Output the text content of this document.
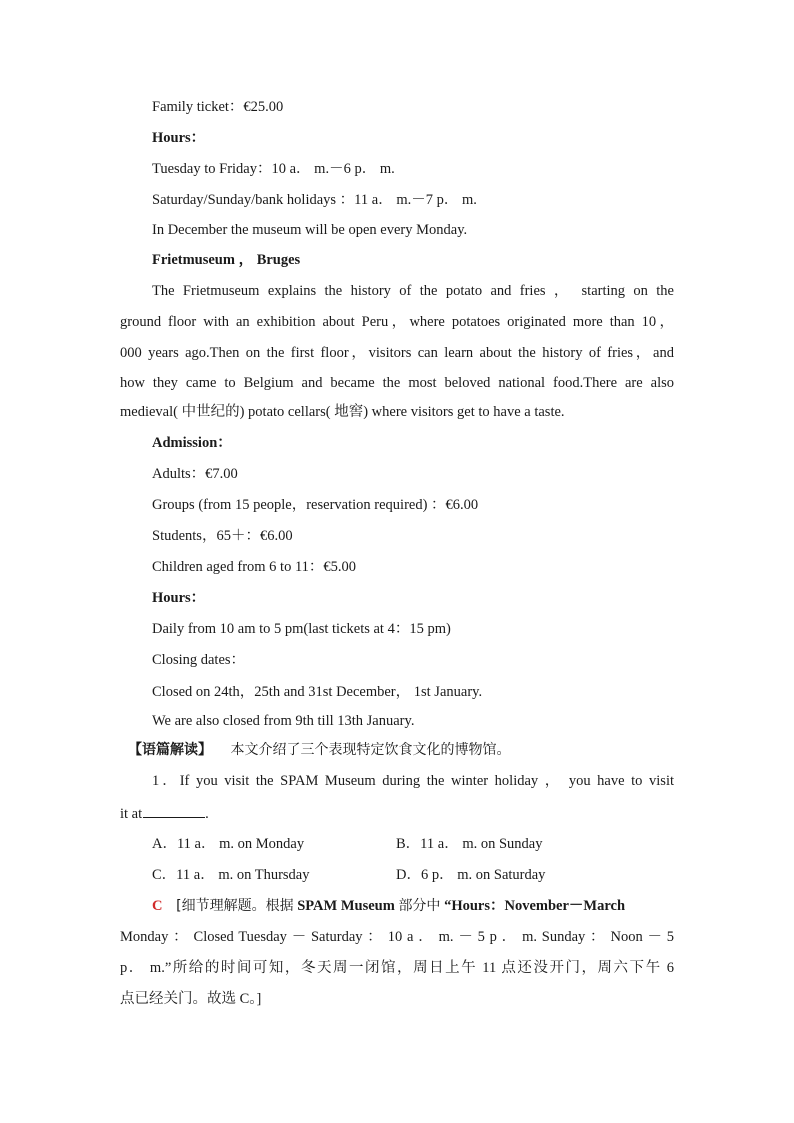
Family ticket：€25.00
Hours：
Tuesday to Friday：10 a． m.－6 p． m.
Saturday/Sunday/bank holidays ：11 a． m.－7 p． m.
In December the museum will be open every Monday.
Frietmuseum ， Bruges
The Frietmuseum explains the history of the potato and fries ， starting on the
ground floor with an exhibition about Peru，where potatoes originated more than 10，
000 years ago.Then on the first floor，visitors can learn about the history of fries，and
how they came to Belgium and became the most beloved national food.There are also
medieval( 中世纪的) potato cellars( 地窖) where visitors get to have a taste.
Admission：
Adults：€7.00
Groups (from 15 people，reservation required) ：€6.00
Students，65＋：€6.00
Children aged from 6 to 11：€5.00
Hours：
Daily from 10 am to 5 pm(last tickets at 4：15 pm)
Closing dates：
Closed on 24th，25th and 31st December， 1st January.
We are also closed from 9th till 13th January.
【语篇解读】 本文介绍了三个表现特定饮食文化的博物馆。
1．If you visit the SPAM Museum during the winter holiday ， you have to visit
it at	.
A．11 a． m. on Monday	B．11 a． m. on Sunday
C．11 a． m. on Thursday	D．6 p． m. on Saturday
C [细节理解题。根据 SPAM Museum 部分中 “Hours：November－March
Monday ： Closed Tuesday － Saturday ： 10 a ． m. － 5 p ． m. Sunday ： Noon － 5
p． m.”所给的时间可知，冬天周一闭馆，周日上午 11 点还没开门，周六下午 6
点已经关门。故选 C。]
